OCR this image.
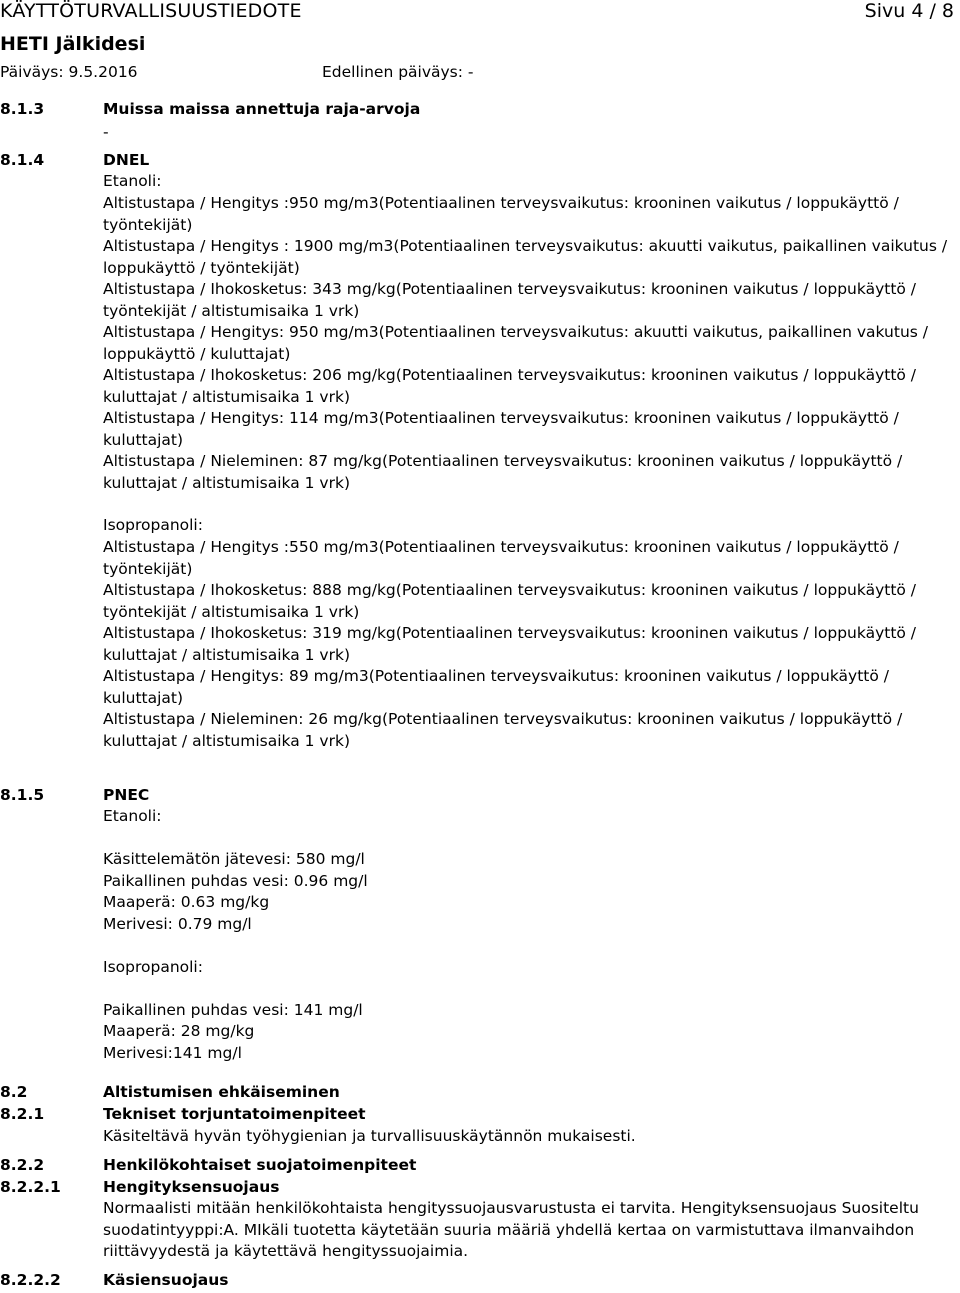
KÄYTTÖTURVALLISUUSTIEDOTE	Sivu 4 / 8
HETI Jälkidesi
Päiväys: 9.5.2016	Edellinen päiväys: -
8.1.3	Muissa maissa annettuja raja-arvoja
-
8.1.4	DNEL
Etanoli:

Altistustapa / Hengitys :950 mg/m3(Potentiaalinen terveysvaikutus: krooninen vaikutus / loppukäyttö / työntekijät)

Altistustapa / Hengitys : 1900 mg/m3(Potentiaalinen terveysvaikutus: akuutti vaikutus, paikallinen vaikutus / loppukäyttö / työntekijät)

Altistustapa / Ihokosketus: 343 mg/kg(Potentiaalinen terveysvaikutus: krooninen vaikutus / loppukäyttö / työntekijät / altistumisaika 1 vrk)

Altistustapa / Hengitys: 950 mg/m3(Potentiaalinen terveysvaikutus: akuutti vaikutus, paikallinen vakutus / loppukäyttö / kuluttajat)

Altistustapa / Ihokosketus: 206 mg/kg(Potentiaalinen terveysvaikutus: krooninen vaikutus / loppukäyttö / kuluttajat / altistumisaika 1 vrk)

Altistustapa / Hengitys: 114 mg/m3(Potentiaalinen terveysvaikutus: krooninen vaikutus / loppukäyttö / kuluttajat)

Altistustapa / Nieleminen: 87 mg/kg(Potentiaalinen terveysvaikutus: krooninen vaikutus / loppukäyttö / kuluttajat / altistumisaika 1 vrk)

Isopropanoli:

Altistustapa / Hengitys :550 mg/m3(Potentiaalinen terveysvaikutus: krooninen vaikutus / loppukäyttö / työntekijät)

Altistustapa / Ihokosketus: 888 mg/kg(Potentiaalinen terveysvaikutus: krooninen vaikutus / loppukäyttö / työntekijät / altistumisaika 1 vrk)

Altistustapa / Ihokosketus: 319 mg/kg(Potentiaalinen terveysvaikutus: krooninen vaikutus / loppukäyttö / kuluttajat / altistumisaika 1 vrk)

Altistustapa / Hengitys: 89 mg/m3(Potentiaalinen terveysvaikutus: krooninen vaikutus / loppukäyttö / kuluttajat)

Altistustapa / Nieleminen: 26 mg/kg(Potentiaalinen terveysvaikutus: krooninen vaikutus / loppukäyttö / kuluttajat / altistumisaika 1 vrk)

8.1.5	PNEC
Etanoli:
Käsittelemätön jätevesi: 580 mg/l
Paikallinen puhdas vesi: 0.96 mg/l
Maaperä: 0.63 mg/kg
Merivesi: 0.79 mg/l
Isopropanoli:
Paikallinen puhdas vesi: 141 mg/l
Maaperä: 28 mg/kg
Merivesi:141 mg/l
8.2	Altistumisen ehkäiseminen
8.2.1	Tekniset torjuntatoimenpiteet
Käsiteltävä hyvän työhygienian ja turvallisuuskäytännön mukaisesti.
8.2.2	Henkilökohtaiset suojatoimenpiteet
8.2.2.1	Hengityksensuojaus

Normaalisti mitään henkilökohtaista hengityssuojausvarustusta ei tarvita. Hengityksensuojaus Suositeltu suodatintyyppi:A. MIkäli tuotetta käytetään suuria määriä yhdellä kertaa on varmistuttava ilmanvaihdon riittävyydestä ja käytettävä hengityssuojaimia.

8.2.2.2	Käsiensuojaus
